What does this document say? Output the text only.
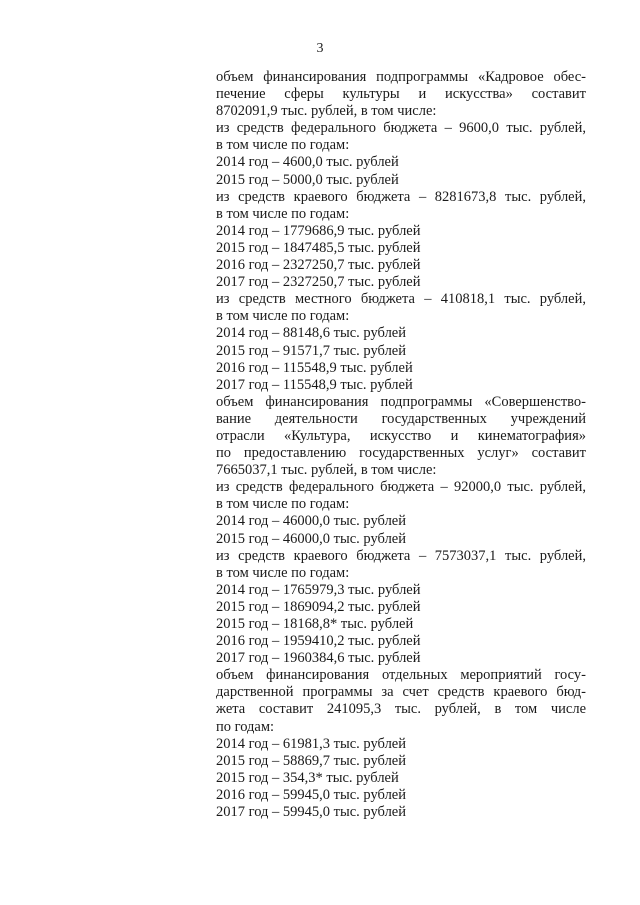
3
объем финансирования подпрограммы «Кадровое обес-
печение сферы культуры и искусства» составит
8702091,9 тыс. рублей, в том числе:
из средств федерального бюджета – 9600,0 тыс. рублей,
в том числе по годам:
2014 год – 4600,0 тыс. рублей
2015 год – 5000,0 тыс. рублей
из средств краевого бюджета – 8281673,8 тыс. рублей,
в том числе по годам:
2014 год – 1779686,9 тыс. рублей
2015 год – 1847485,5 тыс. рублей
2016 год – 2327250,7 тыс. рублей
2017 год – 2327250,7 тыс. рублей
из средств местного бюджета – 410818,1 тыс. рублей,
в том числе по годам:
2014 год – 88148,6 тыс. рублей
2015 год – 91571,7 тыс. рублей
2016 год – 115548,9 тыс. рублей
2017 год – 115548,9 тыс. рублей
объем финансирования подпрограммы «Совершенство-
вание деятельности государственных учреждений
отрасли «Культура, искусство и кинематография»
по предоставлению государственных услуг» составит
7665037,1 тыс. рублей, в том числе:
из средств федерального бюджета – 92000,0 тыс. рублей,
в том числе по годам:
2014 год – 46000,0 тыс. рублей
2015 год – 46000,0 тыс. рублей
из средств краевого бюджета – 7573037,1 тыс. рублей,
в том числе по годам:
2014 год – 1765979,3 тыс. рублей
2015 год – 1869094,2 тыс. рублей
2015 год – 18168,8* тыс. рублей
2016 год – 1959410,2 тыс. рублей
2017 год – 1960384,6 тыс. рублей
объем финансирования отдельных мероприятий госу-
дарственной программы за счет средств краевого бюд-
жета составит 241095,3 тыс. рублей, в том числе
по годам:
2014 год – 61981,3 тыс. рублей
2015 год – 58869,7 тыс. рублей
2015 год – 354,3* тыс. рублей
2016 год – 59945,0 тыс. рублей
2017 год – 59945,0 тыс. рублей
